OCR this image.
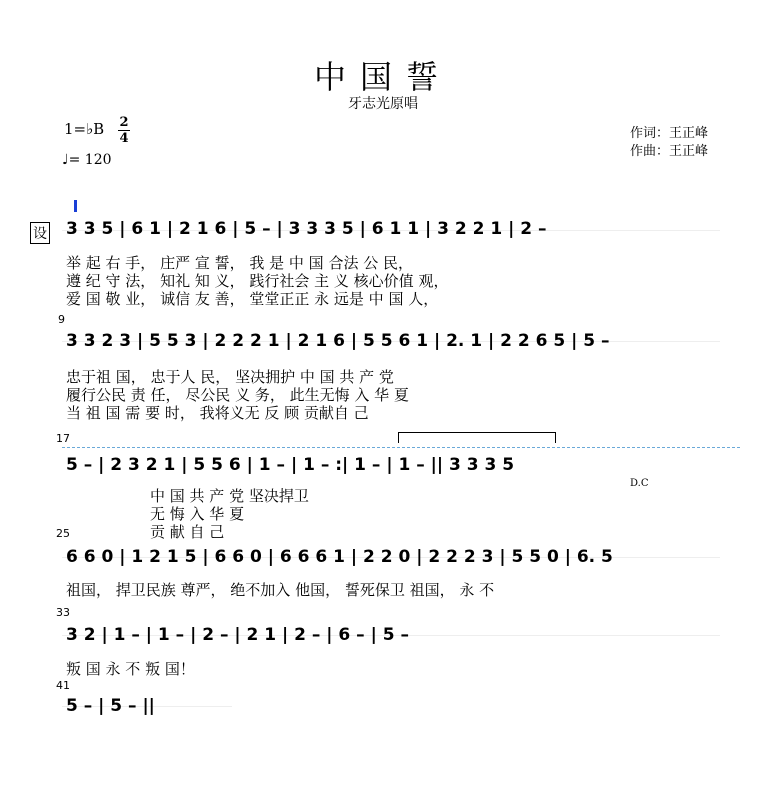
中国誓
牙志光原唱
1=♭B 2
4
♩= 120
作词：王正峰
作曲：王正峰
设 3 3 5 | 6 1 | 2 1 6 | 5 – | 3 3 3 5 | 6 1 1 | 3 2 2 1 | 2 –
举 起 右 手， 庄严 宣 誓， 我 是 中 国 合法 公 民，
遵 纪 守 法， 知礼 知 义， 践行社会 主 义 核心价值 观，
爱 国 敬 业， 诚信 友 善， 堂堂正正 永 远是 中 国 人，
9
3 3 2 3 | 5 5 3 | 2 2 2 1 | 2 1 6 | 5 5 6 1 | 2. 1 | 2 2 6 5 | 5 –
忠于祖 国， 忠于人 民， 坚决拥护 中 国 共 产 党
履行公民 责 任， 尽公民 义 务， 此生无悔 入 华 夏
当 祖 国 需 要 时， 我将义无 反 顾 贡献自 己
17
5 – | 2 3 2 1 | 5 5 6 | 1 – | 1 – :| 1 – | 1 – || 3 3 3 5
D.C
中 国 共 产 党 坚决捍卫
无 悔 入 华 夏
贡 献 自 己
25
6 6 0 | 1 2 1 5 | 6 6 0 | 6 6 6 1 | 2 2 0 | 2 2 2 3 | 5 5 0 | 6. 5
祖国， 捍卫民族 尊严， 绝不加入 他国， 誓死保卫 祖国， 永 不
33
3 2 | 1 – | 1 – | 2 – | 2 1 | 2 – | 6 – | 5 –
叛 国 永 不 叛 国！
41
5 – | 5 – ||
